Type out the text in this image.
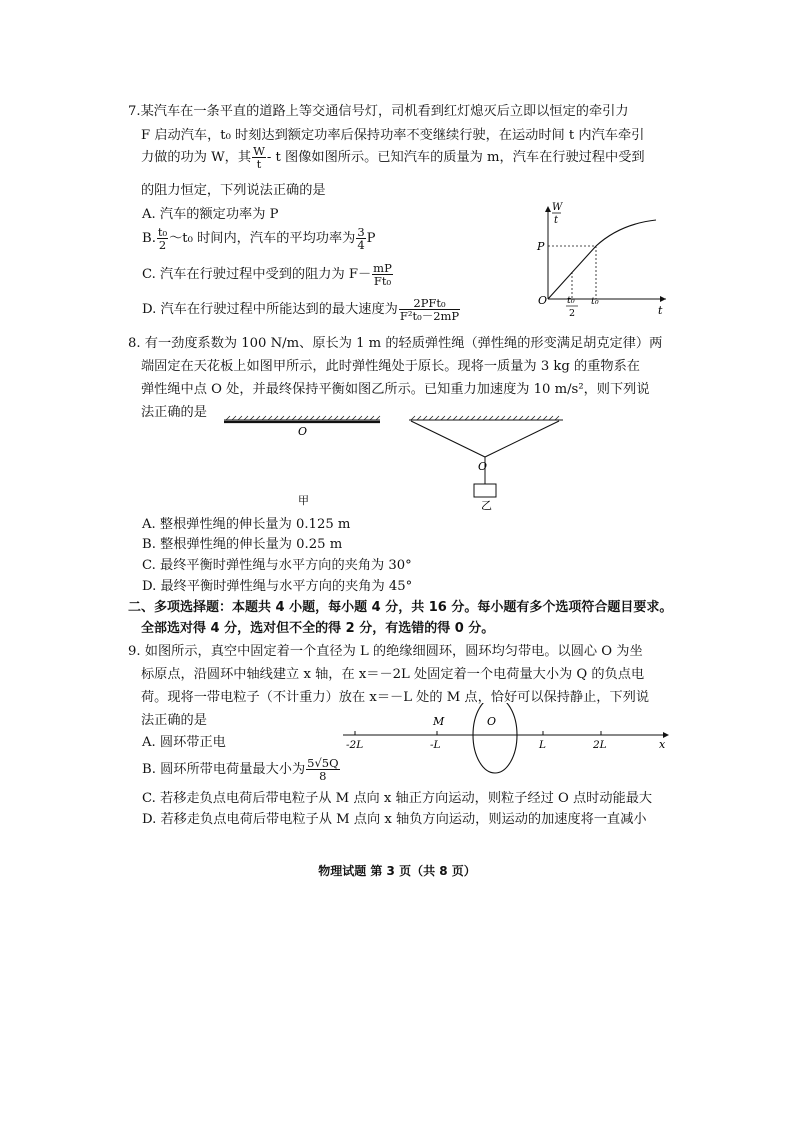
7.某汽车在一条平直的道路上等交通信号灯，司机看到红灯熄灭后立即以恒定的牵引力
F 启动汽车，t₀ 时刻达到额定功率后保持功率不变继续行驶，在运动时间 t 内汽车牵引
力做的功为 W，其 $\frac{W}{t}$ - t 图像如图所示。已知汽车的质量为 m，汽车在行驶过程中受到
的阻力恒定，下列说法正确的是
A. 汽车的额定功率为 P
B. $\frac{\text{t₀}}{2}$ ～t₀ 时间内，汽车的平均功率为 $\frac{3}{4}$ P
C. 汽车在行驶过程中受到的阻力为 $F- \frac{mP}{\text{Ft₀}}$
D. 汽车在行驶过程中所能达到的最大速度为 $\frac{\text{2PFt₀}}{\text{F²t₀－2mP}}$
W
t
t
O
P
t₀
2
t₀
8. 有一劲度系数为 100 N/m、原长为 1 m 的轻质弹性绳（弹性绳的形变满足胡克定律）两
端固定在天花板上如图甲所示，此时弹性绳处于原长。现将一质量为 3 kg 的重物系在
弹性绳中点 O 处，并最终保持平衡如图乙所示。已知重力加速度为 10 m/s²，则下列说
法正确的是
O
甲
O
乙
A. 整根弹性绳的伸长量为 0.125 m
B. 整根弹性绳的伸长量为 0.25 m
C. 最终平衡时弹性绳与水平方向的夹角为 30°
D. 最终平衡时弹性绳与水平方向的夹角为 45°
二、多项选择题：本题共 4 小题，每小题 4 分，共 16 分。每小题有多个选项符合题目要求。
全部选对得 4 分，选对但不全的得 2 分，有选错的得 0 分。
9. 如图所示，真空中固定着一个直径为 L 的绝缘细圆环，圆环均匀带电。以圆心 O 为坐
标原点，沿圆环中轴线建立 x 轴，在 x＝－2L 处固定着一个电荷量大小为 Q 的负点电
荷。现将一带电粒子（不计重力）放在 x＝－L 处的 M 点，恰好可以保持静止，下列说
法正确的是
A. 圆环带正电
B. 圆环所带电荷量最大小为 $\frac{5√5Q}{8}$
C. 若移走负点电荷后带电粒子从 M 点向 x 轴正方向运动，则粒子经过 O 点时动能最大
D. 若移走负点电荷后带电粒子从 M 点向 x 轴负方向运动，则运动的加速度将一直减小
M	O
-2L	-L	L	2L	x
物理试题 第 3 页（共 8 页）
